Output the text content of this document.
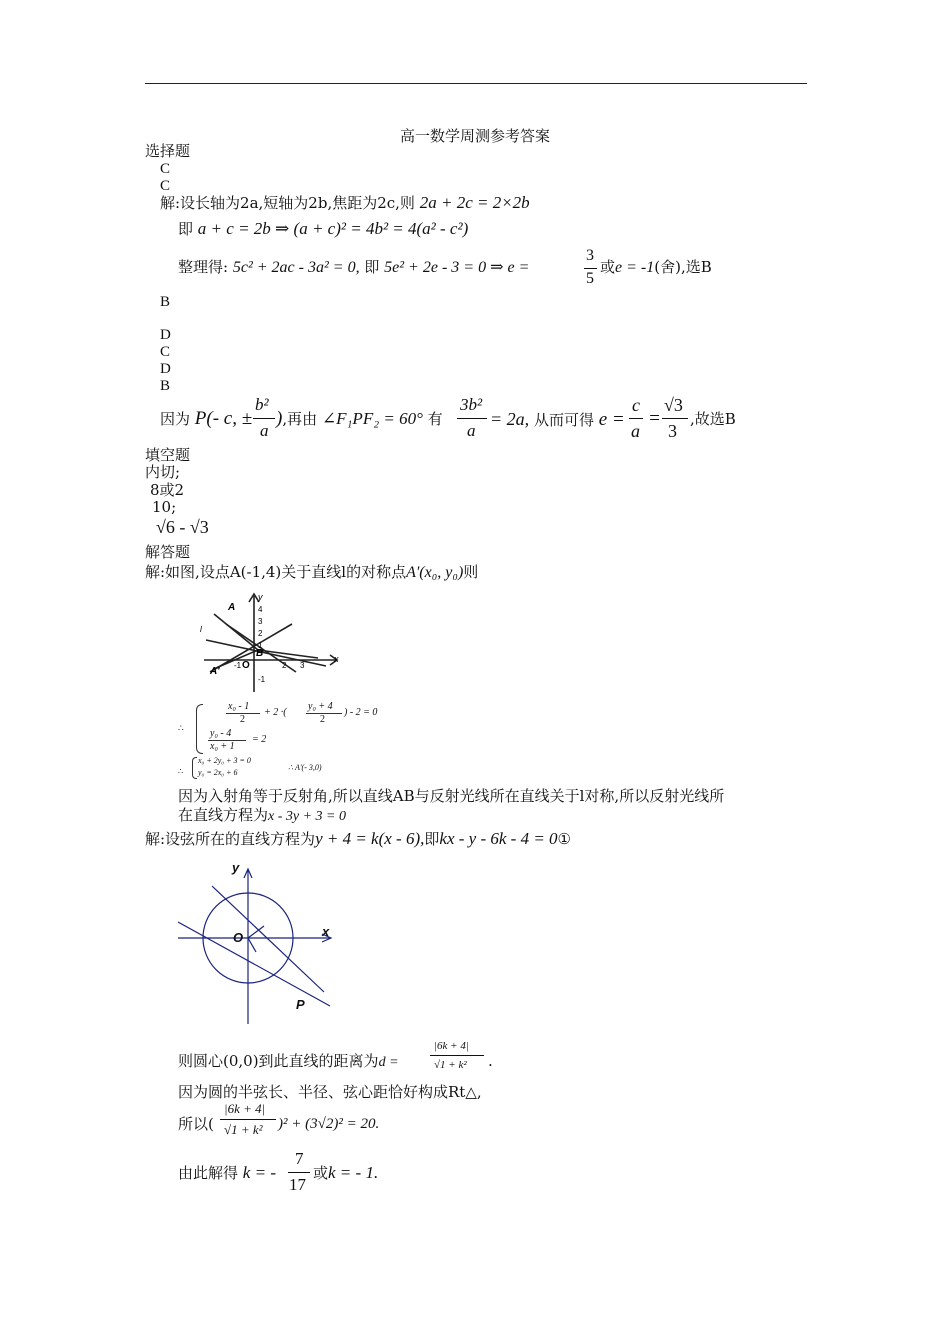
高一数学周测参考答案
选择题
C
C
解:设长轴为2a,短轴为2b,焦距为2c,则 2a + 2c = 2×2b
即 a + c = 2b ⇒ (a + c)² = 4b² = 4(a² - c²)
整理得: 5c² + 2ac - 3a² = 0, 即 5e² + 2e - 3 = 0 ⇒ e =
3
5
或e = -1(舍),选B
B
D
C
D
B
因为 P(- c, ±
b²
a
),再由 ∠F₁PF₂ = 60° 有
3b²
a
= 2a, 从而可得 e =
c
a
=
√3
3
,故选B
填空题
内切;
8或2
10;
√6 - √3
解答题
解:如图,设点A(-1,4)关于直线l的对称点A'(x₀, y₀)则
A
A'
B
O
-1	2 3
x
y
4
3
2
1
-1
l
∴
x₀ - 1
2
+ 2 ·(
y₀ + 4
2
) - 2 = 0
y₀ - 4
x₀ + 1
= 2
∴
x₀ + 2y₀ + 3 = 0
y₀ = 2x₀ + 6
∴ A'(- 3,0)
因为入射角等于反射角,所以直线AB与反射光线所在直线关于l对称,所以反射光线所
在直线方程为x - 3y + 3 = 0
解:设弦所在的直线方程为y + 4 = k(x - 6),即kx - y - 6k - 4 = 0①
y
x
O
P
则圆心(0,0)到此直线的距离为d =
|6k + 4|
√1 + k² .
因为圆的半弦长、半径、弦心距恰好构成Rt△,
所以(
|6k + 4|
√1 + k² )² + (3√2)² = 20.
由此解得 k = -
7
17
或k = - 1.
